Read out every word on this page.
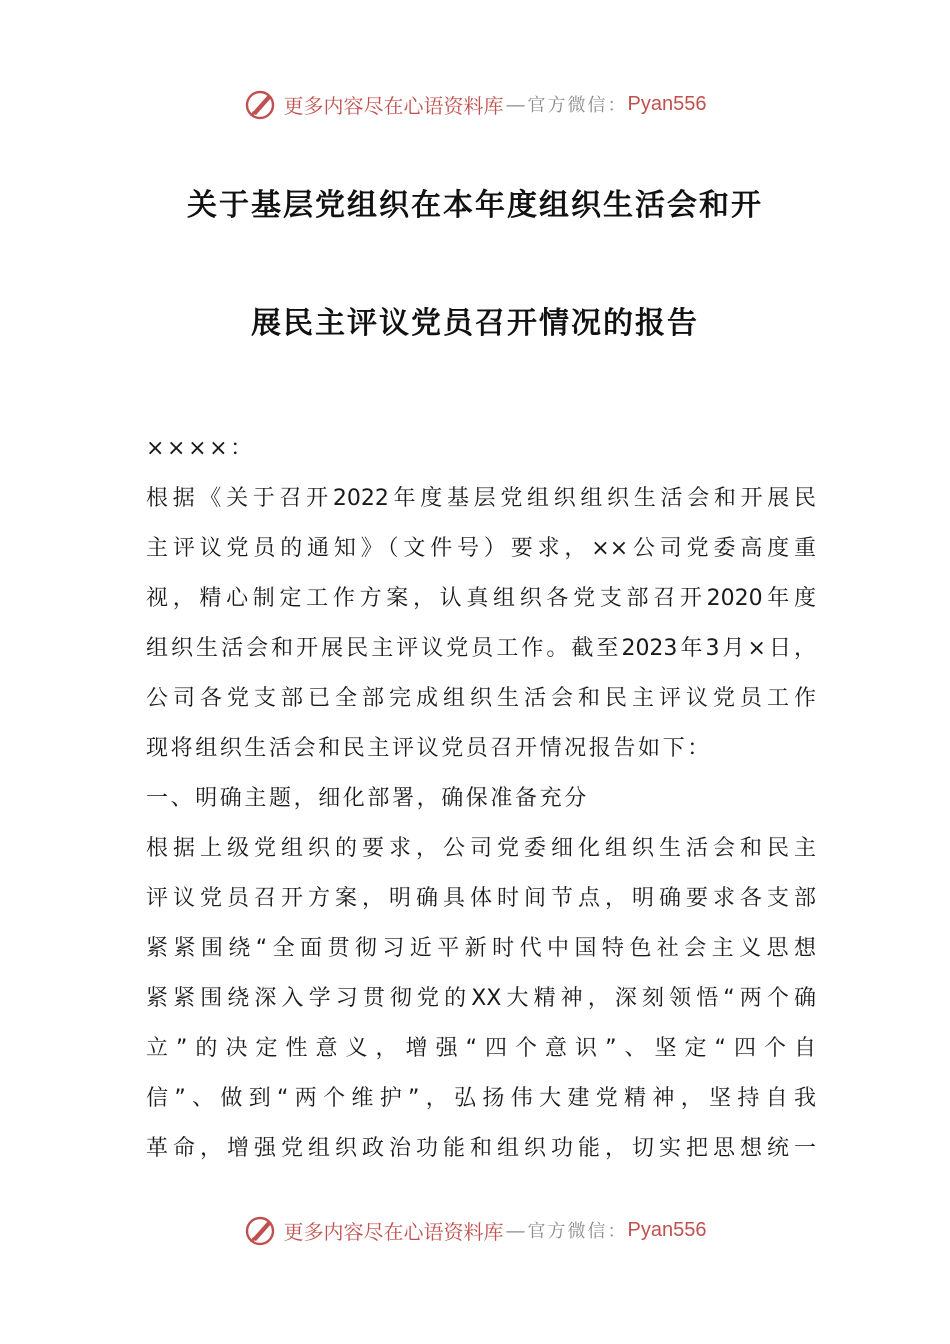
更多内容尽在心语资料库 — 官方微信： Pyan556
关于基层党组织在本年度组织生活会和开
展民主评议党员召开情况的报告
××××：
根据《关于召开2022年度基层党组织组织生活会和开展民
主评议党员的通知》（文件号）要求，××公司党委高度重
视，精心制定工作方案，认真组织各党支部召开2020年度
组织生活会和开展民主评议党员工作。截至2023年3月×日，
公司各党支部已全部完成组织生活会和民主评议党员工作
现将组织生活会和民主评议党员召开情况报告如下：
一、明确主题，细化部署，确保准备充分
根据上级党组织的要求，公司党委细化组织生活会和民主
评议党员召开方案，明确具体时间节点，明确要求各支部
紧紧围绕“全面贯彻习近平新时代中国特色社会主义思想
紧紧围绕深入学习贯彻党的XX大精神，深刻领悟“两个确
立”的决定性意义，增强“四个意识”、坚定“四个自
信”、做到“两个维护”，弘扬伟大建党精神，坚持自我
革命，增强党组织政治功能和组织功能，切实把思想统一
更多内容尽在心语资料库 — 官方微信： Pyan556
